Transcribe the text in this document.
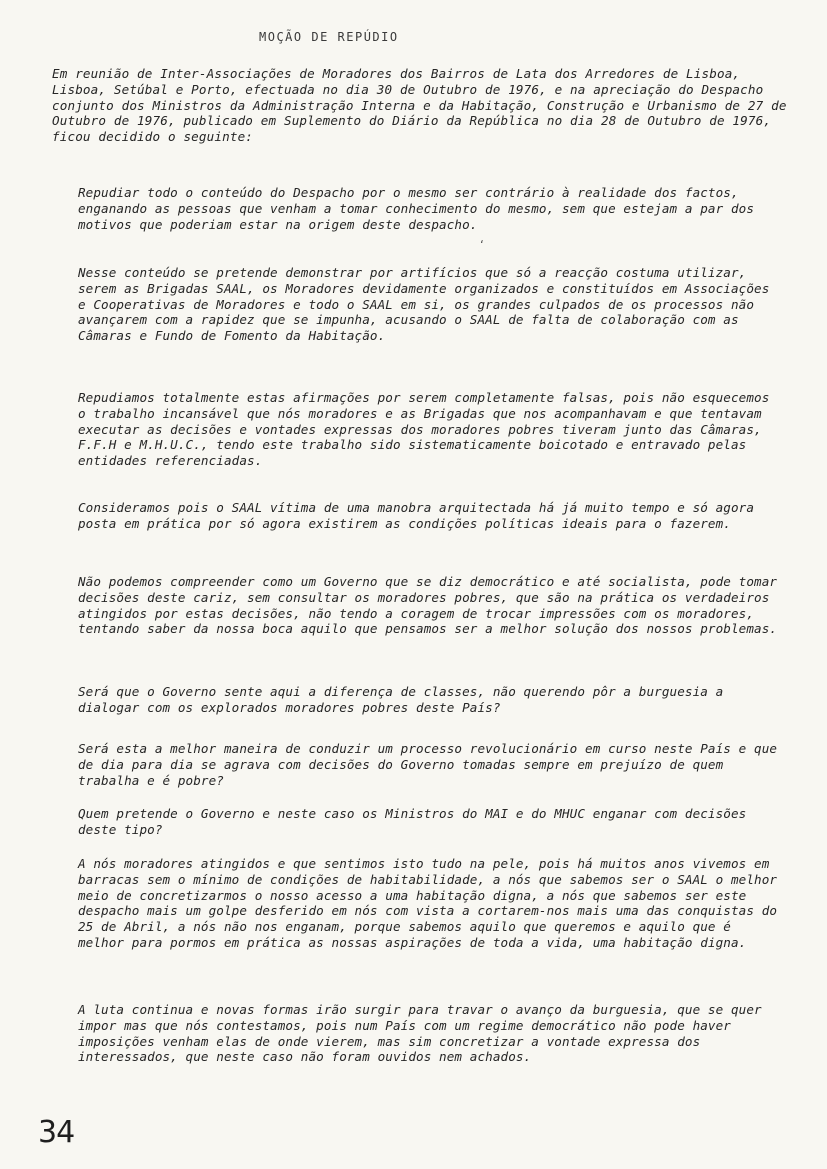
MOÇÃO DE REPÚDIO

Em reunião de Inter-Associações de Moradores dos Bairros de Lata dos Arredores de Lisboa, Lisboa, Setúbal e Porto, efectuada no dia 30 de Outubro de 1976, e na apreciação do Despacho conjunto dos Ministros da Administração Interna e da Habitação, Construção e Urbanismo de 27 de Outubro de 1976, publicado em Suplemento do Diário da República no dia 28 de Outubro de 1976, ficou decidido o seguinte:

Repudiar todo o conteúdo do Despacho por o mesmo ser contrário à realidade dos factos, enganando as pessoas que venham a tomar conhecimento do mesmo, sem que estejam a par dos motivos que poderiam estar na origem deste despacho.

Nesse conteúdo se pretende demonstrar por artifícios que só a reacção costuma utilizar, serem as Brigadas SAAL, os Moradores devidamente organizados e constituídos em Associações e Cooperativas de Moradores e todo o SAAL em si, os grandes culpados de os processos não avançarem com a rapidez que se impunha, acusando o SAAL de falta de colaboração com as Câmaras e Fundo de Fomento da Habitação.

Repudiamos totalmente estas afirmações por serem completamente falsas, pois não esquecemos o trabalho incansável que nós moradores e as Brigadas que nos acompanhavam e que tentavam executar as decisões e vontades expressas dos moradores pobres tiveram junto das Câmaras, F.F.H e M.H.U.C., tendo este trabalho sido sistematicamente boicotado e entravado pelas entidades referenciadas.

Consideramos pois o SAAL vítima de uma manobra arquitectada há já muito tempo e só agora posta em prática por só agora existirem as condições políticas ideais para o fazerem.

Não podemos compreender como um Governo que se diz democrático e até socialista, pode tomar decisões deste cariz, sem consultar os moradores pobres, que são na prática os verdadeiros atingidos por estas decisões, não tendo a coragem de trocar impressões com os moradores, tentando saber da nossa boca aquilo que pensamos ser a melhor solução dos nossos problemas.

Será que o Governo sente aqui a diferença de classes, não querendo pôr a burguesia a dialogar com os explorados moradores pobres deste País?

Será esta a melhor maneira de conduzir um processo revolucionário em curso neste País e que de dia para dia se agrava com decisões do Governo tomadas sempre em prejuízo de quem trabalha e é pobre?

Quem pretende o Governo e neste caso os Ministros do MAI e do MHUC enganar com decisões deste tipo?

A nós moradores atingidos e que sentimos isto tudo na pele, pois há muitos anos vivemos em barracas sem o mínimo de condições de habitabilidade, a nós que sabemos ser o SAAL o melhor meio de concretizarmos o nosso acesso a uma habitação digna, a nós que sabemos ser este despacho mais um golpe desferido em nós com vista a cortarem-nos mais uma das conquistas do 25 de Abril, a nós não nos enganam, porque sabemos aquilo que queremos e aquilo que é melhor para pormos em prática as nossas aspirações de toda a vida, uma habitação digna.

A luta continua e novas formas irão surgir para travar o avanço da burguesia, que se quer impor mas que nós contestamos, pois num País com um regime democrático não pode haver imposições venham elas de onde vierem, mas sim concretizar a vontade expressa dos interessados, que neste caso não foram ouvidos nem achados.

ʻ
34
